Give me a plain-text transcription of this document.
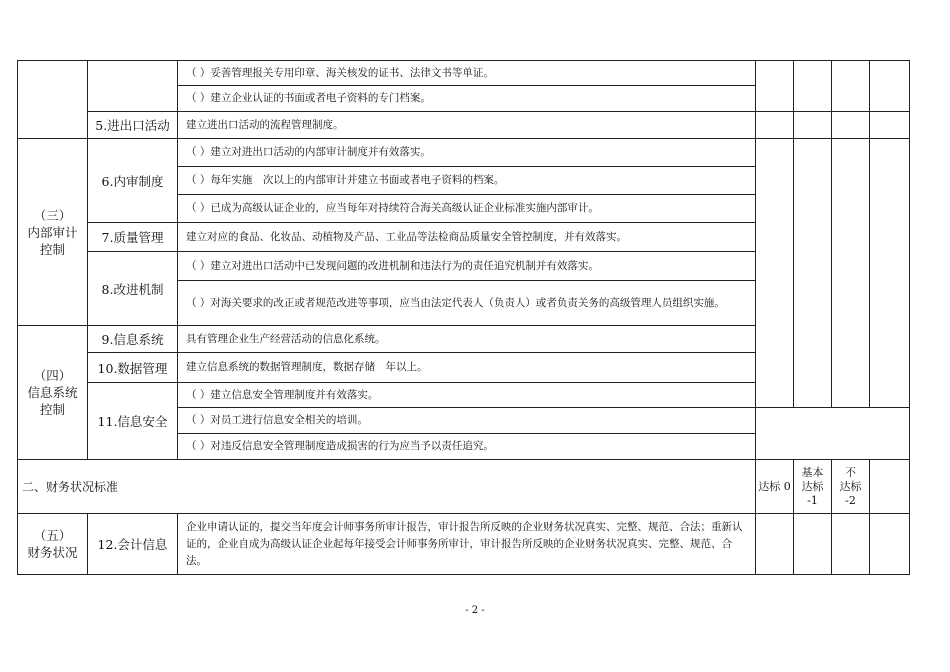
		（ ）妥善管理报关专用印章、海关核发的证书、法律文书等单证。					
		（ ）建立企业认证的书面或者电子资料的专门档案。					
	5.进出口活动	建立进出口活动的流程管理制度。					
（三）
内部审计
控制	6.内审制度	（ ）建立对进出口活动的内部审计制度并有效落实。					
		（ ）每年实施　次以上的内部审计并建立书面或者电子资料的档案。					
		（ ）已成为高级认证企业的，应当每年对持续符合海关高级认证企业标准实施内部审计。					
	7.质量管理	建立对应的食品、化妆品、动植物及产品、工业品等法检商品质量安全管控制度，并有效落实。					
	8.改进机制	（ ）建立对进出口活动中已发现问题的改进机制和违法行为的责任追究机制并有效落实。					
		（ ）对海关要求的改正或者规范改进等事项，应当由法定代表人（负责人）或者负责关务的高级管理人员组织实施。					
（四）
信息系统
控制	9.信息系统	具有管理企业生产经营活动的信息化系统。					
	10.数据管理	建立信息系统的数据管理制度，数据存储　年以上。					
	11.信息安全	（ ）建立信息安全管理制度并有效落实。					
		（ ）对员工进行信息安全相关的培训。					
		（ ）对违反信息安全管理制度造成损害的行为应当予以责任追究。					
二、财务状况标准			达标 0	基本
达标
-1	不
达标
-2		
（五）
财务状况	12.会计信息	企业申请认证的，提交当年度会计师事务所审计报告，审计报告所反映的企业财务状况真实、完整、规范、合法；重新认证的，企业自成为高级认证企业起每年接受会计师事务所审计，审计报告所反映的企业财务状况真实、完整、规范、合法。					
- 2 -
